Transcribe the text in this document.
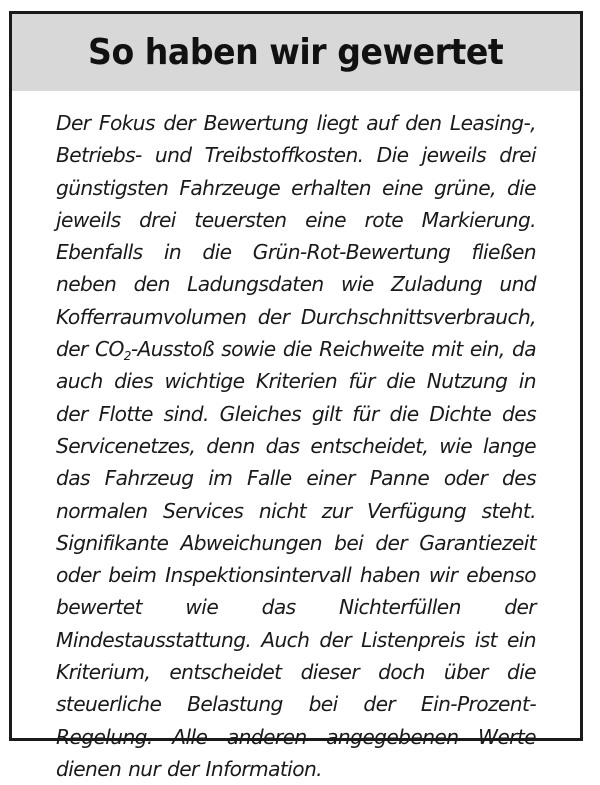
So haben wir gewertet

Der Fokus der Bewertung liegt auf den Leasing-, Betriebs- und Treibstoffkosten. Die jeweils drei günstigsten Fahrzeuge erhalten eine grüne, die jeweils drei teuersten eine rote Markierung. Ebenfalls in die Grün-Rot-Bewertung fließen neben den Ladungsdaten wie Zuladung und Kofferraumvolumen der Durchschnittsverbrauch, der $CO_2$-Ausstoß sowie die Reichweite mit ein, da auch dies wichtige Kriterien für die Nutzung in der Flotte sind. Gleiches gilt für die Dichte des Servicenetzes, denn das entscheidet, wie lange das Fahrzeug im Falle einer Panne oder des normalen Services nicht zur Verfügung steht. Signifikante Abweichungen bei der Garantiezeit oder beim Inspektionsintervall haben wir ebenso bewertet wie das Nichterfüllen der Mindestausstattung. Auch der Listenpreis ist ein Kriterium, entscheidet dieser doch über die steuerliche Belastung bei der Ein-Prozent-Regelung. Alle anderen angegebenen Werte dienen nur der Information.
